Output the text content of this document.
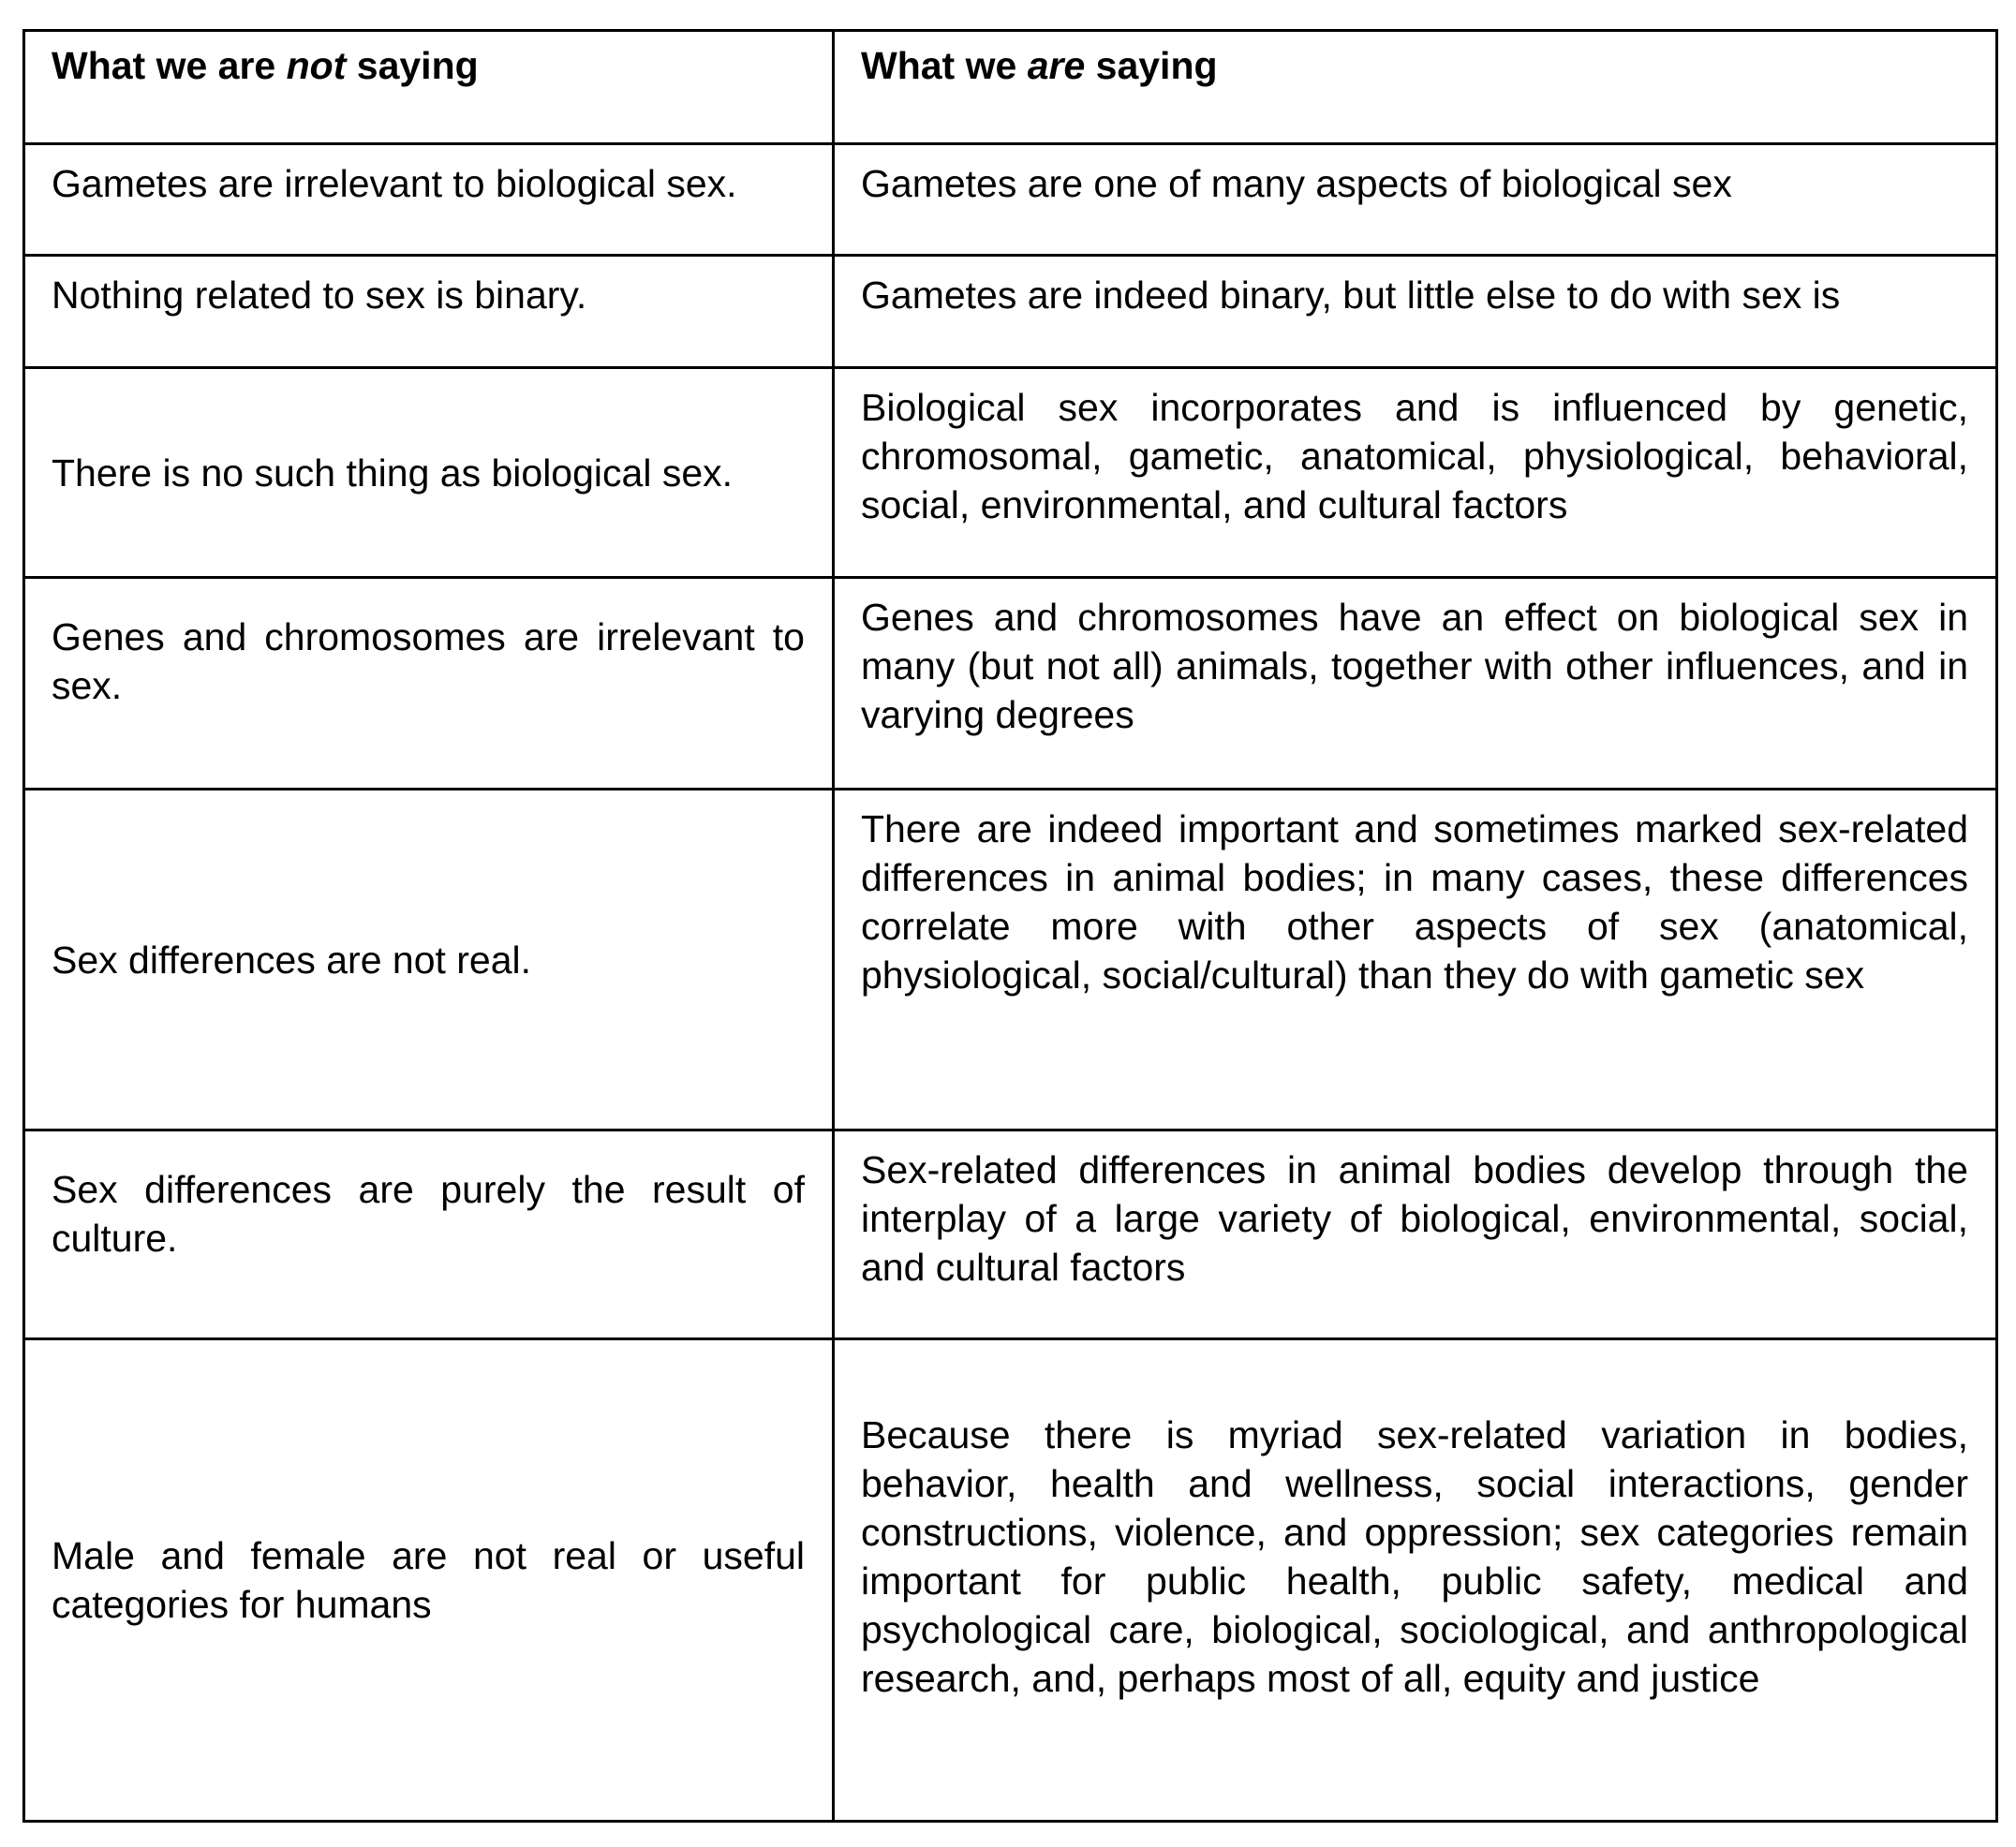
What we are not saying	What we are saying
Gametes are irrelevant to biological sex.	Gametes are one of many aspects of biological sex
Nothing related to sex is binary.	Gametes are indeed binary, but little else to do with sex is
There is no such thing as biological sex.	Biological sex incorporates and is influenced by genetic, chromosomal, gametic, anatomical, physiological, behavioral, social, environmental, and cultural factors
Genes and chromosomes are irrelevant to sex.	Genes and chromosomes have an effect on biological sex in many (but not all) animals, together with other influences, and in varying degrees
Sex differences are not real.	There are indeed important and sometimes marked sex-related differences in animal bodies; in many cases, these differences correlate more with other aspects of sex (anatomical, physiological, social/cultural) than they do with gametic sex
Sex differences are purely the result of culture.	Sex-related differences in animal bodies develop through the interplay of a large variety of biological, environmental, social, and cultural factors
Male and female are not real or useful categories for humans	Because there is myriad sex-related variation in bodies, behavior, health and wellness, social interactions, gender constructions, violence, and oppression; sex categories remain important for public health, public safety, medical and psychological care, biological, sociological, and anthropological research, and, perhaps most of all, equity and justice
